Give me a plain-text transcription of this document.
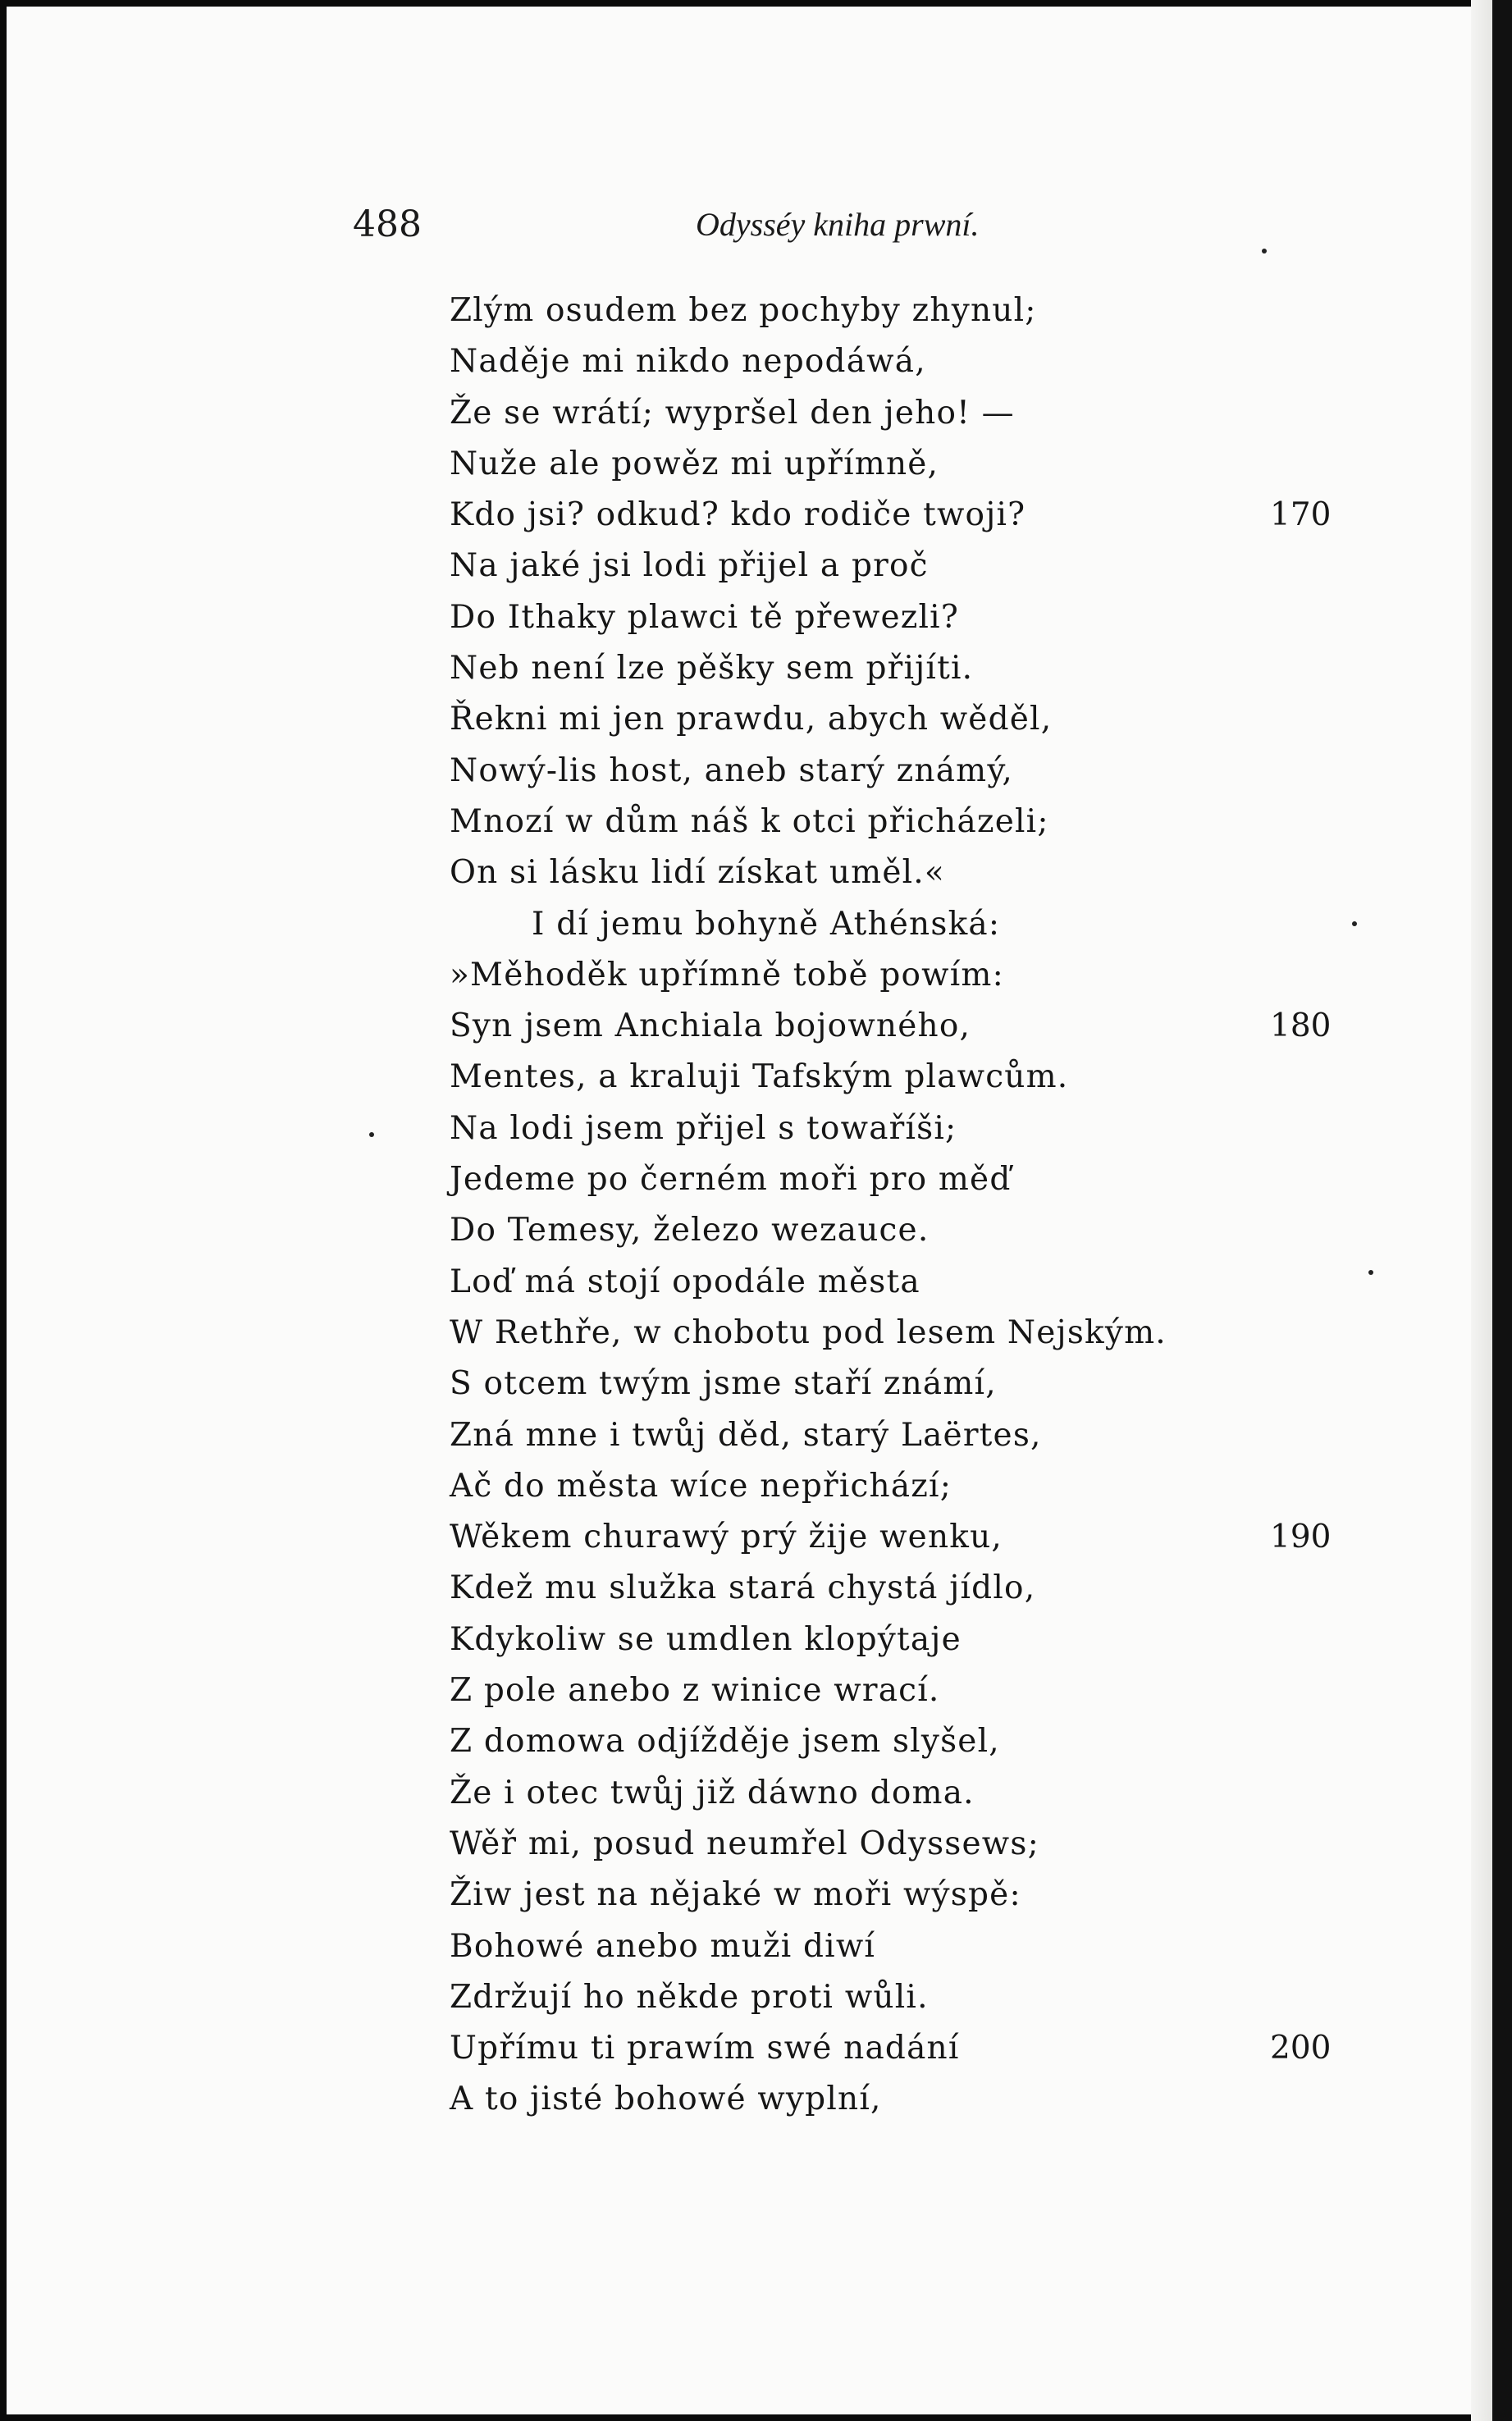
488	Odysséy kniha prwní.
Zlým osudem bez pochyby zhynul;
Naděje mi nikdo nepodáwá,
Že se wrátí; wypršel den jeho! —
Nuže ale powěz mi upřímně,
Kdo jsi? odkud? kdo rodiče twoji?	170
Na jaké jsi lodi přijel a proč
Do Ithaky plawci tě přewezli?
Neb není lze pěšky sem přijíti.
Řekni mi jen prawdu, abych wěděl,
Nowý-lis host, aneb starý známý,
Mnozí w dům náš k otci přicházeli;
On si lásku lidí získat uměl.«
I dí jemu bohyně Athénská:
»Měhoděk upřímně tobě powím:
Syn jsem Anchiala bojowného,	180
Mentes, a kraluji Tafským plawcům.
Na lodi jsem přijel s towaříši;
Jedeme po černém moři pro měď
Do Temesy, železo wezauce.
Loď má stojí opodále města
W Rethře, w chobotu pod lesem Nejským.
S otcem twým jsme staří známí,
Zná mne i twůj děd, starý Laërtes,
Ač do města wíce nepřichází;
Wěkem churawý prý žije wenku,	190
Kdež mu služka stará chystá jídlo,
Kdykoliw se umdlen klopýtaje
Z pole anebo z winice wrací.
Z domowa odjížděje jsem slyšel,
Že i otec twůj již dáwno doma.
Wěř mi, posud neumřel Odyssews;
Žiw jest na nějaké w moři wýspě:
Bohowé anebo muži diwí
Zdržují ho někde proti wůli.
Upřímu ti prawím swé nadání	200
A to jisté bohowé wyplní,
